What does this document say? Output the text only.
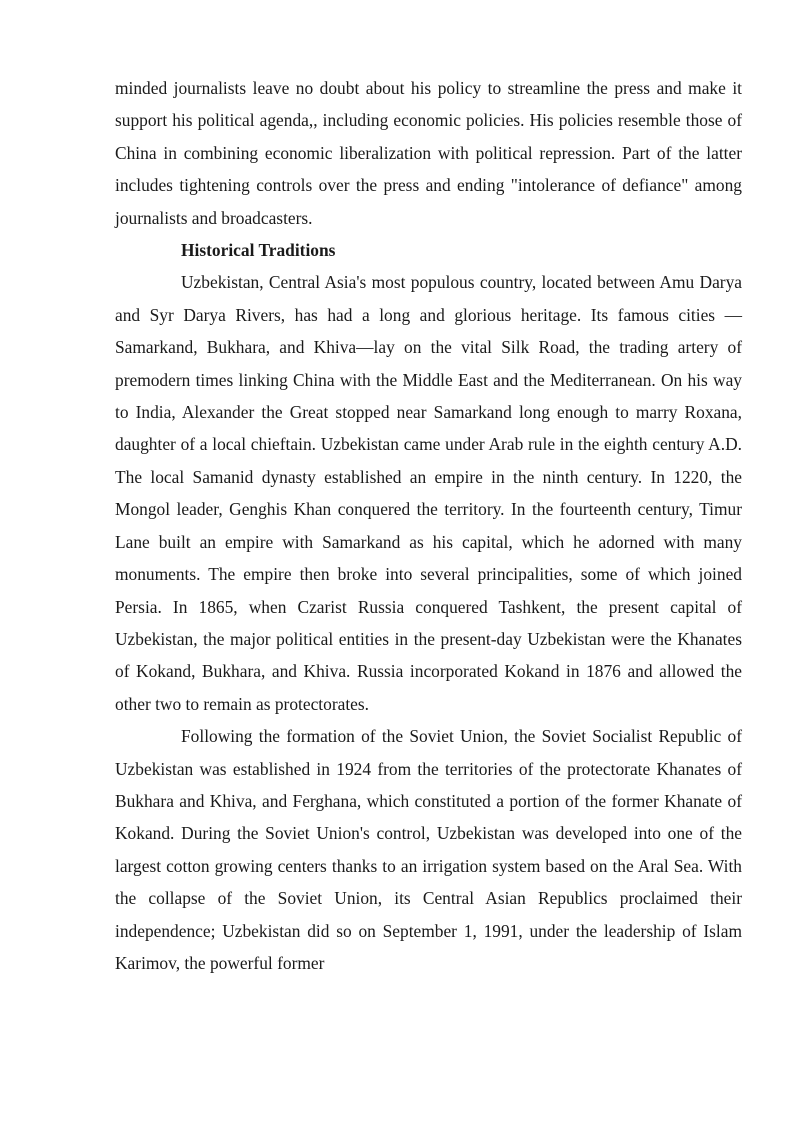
minded journalists leave no doubt about his policy to streamline the press and make it support his political agenda,, including economic policies. His policies resemble those of China in combining economic liberalization with political repression. Part of the latter includes tightening controls over the press and ending "intolerance of defiance" among journalists and broadcasters.

Historical Traditions

Uzbekistan, Central Asia's most populous country, located between Amu Darya and Syr Darya Rivers, has had a long and glorious heritage. Its famous cities —Samarkand, Bukhara, and Khiva—lay on the vital Silk Road, the trading artery of premodern times linking China with the Middle East and the Mediterranean. On his way to India, Alexander the Great stopped near Samarkand long enough to marry Roxana, daughter of a local chieftain. Uzbekistan came under Arab rule in the eighth century A.D. The local Samanid dynasty established an empire in the ninth century. In 1220, the Mongol leader, Genghis Khan conquered the territory. In the fourteenth century, Timur Lane built an empire with Samarkand as his capital, which he adorned with many monuments. The empire then broke into several principalities, some of which joined Persia. In 1865, when Czarist Russia conquered Tashkent, the present capital of Uzbekistan, the major political entities in the present-day Uzbekistan were the Khanates of Kokand, Bukhara, and Khiva. Russia incorporated Kokand in 1876 and allowed the other two to remain as protectorates.

Following the formation of the Soviet Union, the Soviet Socialist Republic of Uzbekistan was established in 1924 from the territories of the protectorate Khanates of Bukhara and Khiva, and Ferghana, which constituted a portion of the former Khanate of Kokand. During the Soviet Union's control, Uzbekistan was developed into one of the largest cotton growing centers thanks to an irrigation system based on the Aral Sea. With the collapse of the Soviet Union, its Central Asian Republics proclaimed their independence; Uzbekistan did so on September 1, 1991, under the leadership of Islam Karimov, the powerful former
